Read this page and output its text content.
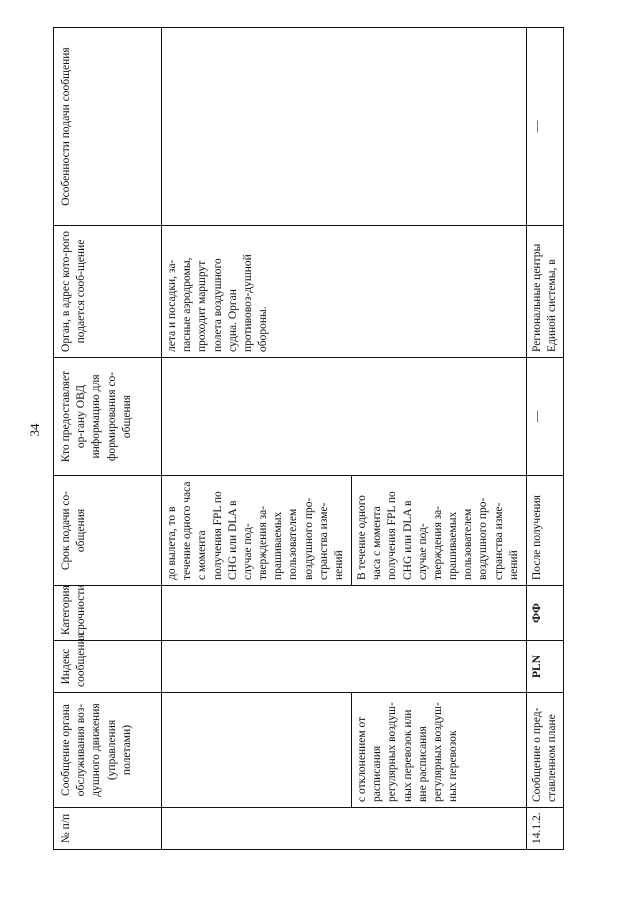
34
№ п/п	Сообщение органа обслуживания воз-душного движения (управления полетами)	Индекс сообщения	Категория срочности	Срок подачи со-общения	Кто предоставляет ор-гану ОВД информацию для формирования со-общения	Орган, в адрес кото-рого подается сооб-щение	Особенности подачи сообщения
				до вылета, то в течение одного часа с момента получения FPL по CHG или DLA в случае под-тверждения за-прашиваемых пользователем воздушного про-странства изме-нений		лета и посадки, за-пасные аэродромы, проходит маршрут полета воздушного судна. Орган противовоз-душной обороны.	
	с отклонением от расписания регулярных воздуш-ных перевозок или вне расписания регулярных воздуш-ных перевозок			В течение одного часа с момента получения FPL по CHG или DLA в случае под-тверждения за-прашиваемых пользователем воздушного про-странства изме-нений			
14.1.2.	Сообщение о пред-ставленном плане	PLN	ФФ	После получения	—	Региональные центры Единой системы, в	—
